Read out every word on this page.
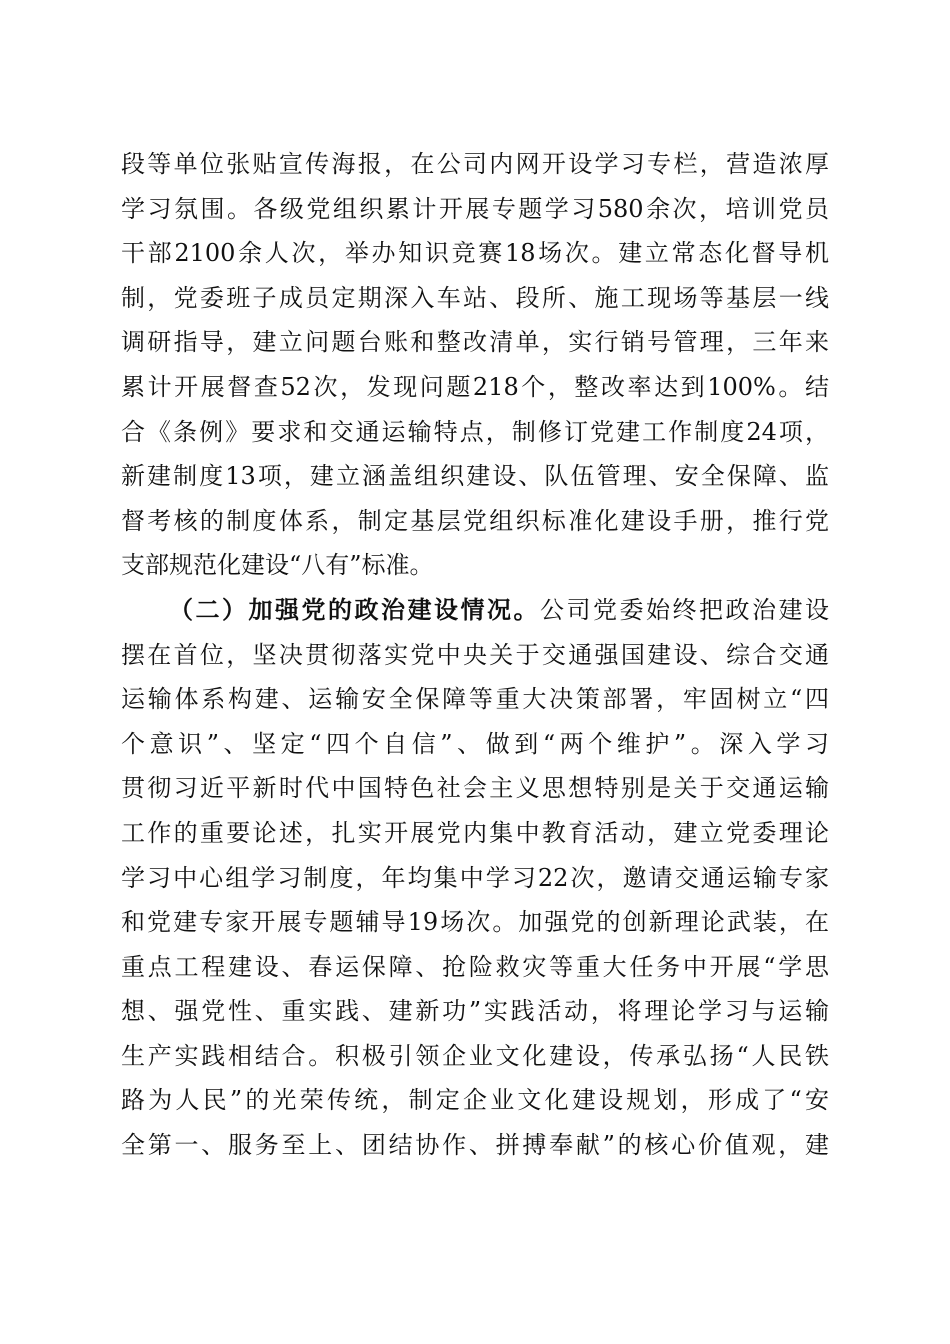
段等单位张贴宣传海报，在公司内网开设学习专栏，营造浓厚
学习氛围。各级党组织累计开展专题学习580余次，培训党员
干部2100余人次，举办知识竞赛18场次。建立常态化督导机
制，党委班子成员定期深入车站、段所、施工现场等基层一线
调研指导，建立问题台账和整改清单，实行销号管理，三年来
累计开展督查52次，发现问题218个，整改率达到100%。结
合《条例》要求和交通运输特点，制修订党建工作制度24项，
新建制度13项，建立涵盖组织建设、队伍管理、安全保障、监
督考核的制度体系，制定基层党组织标准化建设手册，推行党
支部规范化建设“八有”标准。
（二）加强党的政治建设情况。公司党委始终把政治建设
摆在首位，坚决贯彻落实党中央关于交通强国建设、综合交通
运输体系构建、运输安全保障等重大决策部署，牢固树立“四
个意识”、坚定“四个自信”、做到“两个维护”。深入学习
贯彻习近平新时代中国特色社会主义思想特别是关于交通运输
工作的重要论述，扎实开展党内集中教育活动，建立党委理论
学习中心组学习制度，年均集中学习22次，邀请交通运输专家
和党建专家开展专题辅导19场次。加强党的创新理论武装，在
重点工程建设、春运保障、抢险救灾等重大任务中开展“学思
想、强党性、重实践、建新功”实践活动，将理论学习与运输
生产实践相结合。积极引领企业文化建设，传承弘扬“人民铁
路为人民”的光荣传统，制定企业文化建设规划，形成了“安
全第一、服务至上、团结协作、拼搏奉献”的核心价值观，建
